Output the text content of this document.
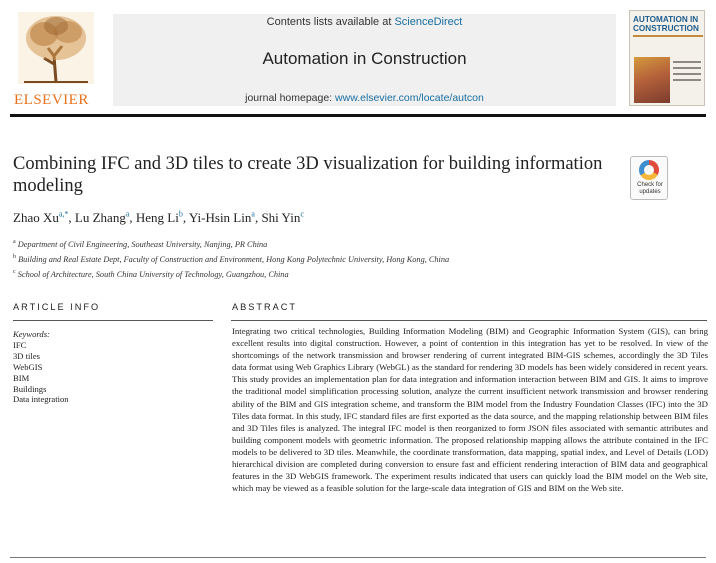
ELSEVIER
Contents lists available at ScienceDirect
Automation in Construction
journal homepage: www.elsevier.com/locate/autcon
AUTOMATION IN CONSTRUCTION
Combining IFC and 3D tiles to create 3D visualization for building information modeling	Check for
updates
Zhao $Xu^{a,*}$, Lu Zhang$^a$, Heng Li$^b$, Yi-Hsin Lin$^a$, Shi Yin$^c$
$^a$ Department of Civil Engineering, Southeast University, Nanjing, PR China
$^b$ Building and Real Estate Dept, Faculty of Construction and Environment, Hong Kong Polytechnic University, Hong Kong, China
$^c$ School of Architecture, South China University of Technology, Guangzhou, China
ARTICLE INFO	ABSTRACT
Keywords:
IFC
3D tiles
WebGIS
BIM
Buildings
Data integration
Integrating two critical technologies, Building Information Modeling (BIM) and Geographic Information System (GIS), can bring excellent results into digital construction. However, a point of contention in this integration has yet to be resolved. In view of the shortcomings of the network transmission and browser rendering of current integrated BIM-GIS schemes, accordingly the 3D Tiles data format using Web Graphics Library (WebGL) as the standard for rendering 3D models has been widely considered in recent years. This study provides an implementation plan for data integration and information interaction between BIM and GIS. It aims to improve the traditional model simplification processing solution, analyze the current insufficient network transmission and browser rendering ability of the BIM and GIS integration scheme, and transform the BIM model from the Industry Foundation Classes (IFC) into the 3D Tiles data format. In this study, IFC standard files are first exported as the data source, and the mapping relationship between BIM files and 3D Tiles files is analyzed. The integral IFC model is then reorganized to form JSON files associated with semantic attributes and building component models with geometric information. The proposed relationship mapping allows the attribute contained in the IFC models to be delivered to 3D tiles. Meanwhile, the coordinate transformation, data mapping, spatial index, and Level of Details (LOD) hierarchical division are completed during conversion to ensure fast and efficient rendering interaction of BIM data and geographical features in the 3D WebGIS framework. The experiment results indicated that users can quickly load the BIM model on the Web site, which may be viewed as a feasible solution for the large-scale data integration of GIS and BIM on the Web site.
